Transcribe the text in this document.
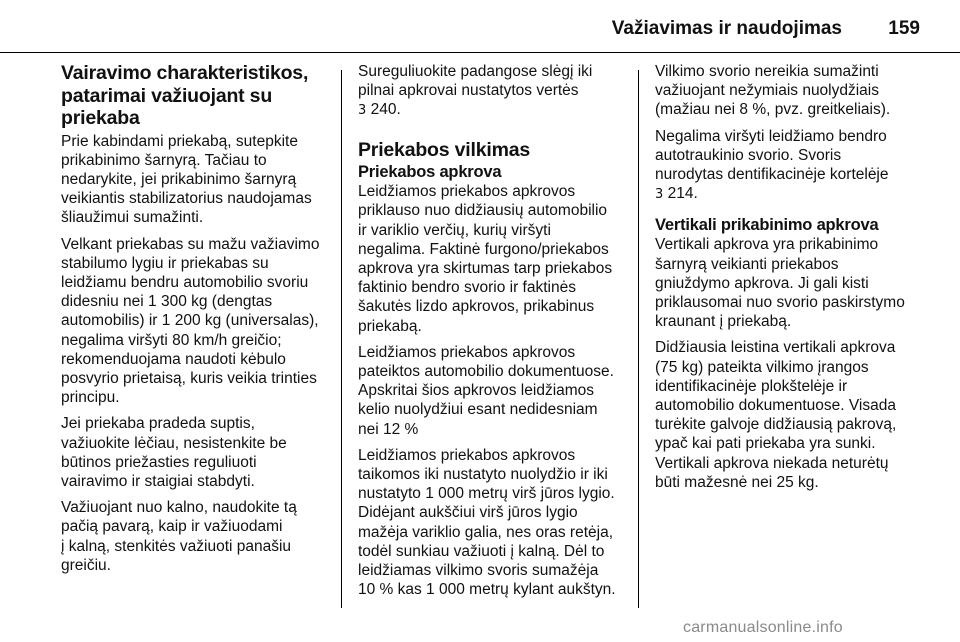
Važiavimas ir naudojimas 159
Vairavimo charakteristikos,
patarimai važiuojant su
priekaba

Prie kabindami priekabą, sutepkite
prikabinimo šarnyrą. Tačiau to
nedarykite, jei prikabinimo šarnyrą
veikiantis stabilizatorius naudojamas
šliaužimui sumažinti.

Velkant priekabas su mažu važiavimo
stabilumo lygiu ir priekabas su
leidžiamu bendru automobilio svoriu
didesniu nei 1 300 kg (dengtas
automobilis) ir 1 200 kg (universalas),
negalima viršyti 80 km/h greičio;
rekomenduojama naudoti kėbulo
posvyrio prietaisą, kuris veikia trinties
principu.

Jei priekaba pradeda suptis,
važiuokite lėčiau, nesistenkite be
būtinos priežasties reguliuoti
vairavimo ir staigiai stabdyti.

Važiuojant nuo kalno, naudokite tą
pačią pavarą, kaip ir važiuodami
į kalną, stenkitės važiuoti panašiu
greičiu.

Sureguliuokite padangose slėgį iki
pilnai apkrovai nustatytos vertės
3 240.

Priekabos vilkimas
Priekabos apkrova

Leidžiamos priekabos apkrovos
priklauso nuo didžiausių automobilio
ir variklio verčių, kurių viršyti
negalima. Faktinė furgono/priekabos
apkrova yra skirtumas tarp priekabos
faktinio bendro svorio ir faktinės
šakutės lizdo apkrovos, prikabinus
priekabą.

Leidžiamos priekabos apkrovos
pateiktos automobilio dokumentuose.
Apskritai šios apkrovos leidžiamos
kelio nuolydžiui esant nedidesniam
nei 12 %

Leidžiamos priekabos apkrovos
taikomos iki nustatyto nuolydžio ir iki
nustatyto 1 000 metrų virš jūros lygio.
Didėjant aukščiui virš jūros lygio
mažėja variklio galia, nes oras retėja,
todėl sunkiau važiuoti į kalną. Dėl to
leidžiamas vilkimo svoris sumažėja
10 % kas 1 000 metrų kylant aukštyn.

Vilkimo svorio nereikia sumažinti
važiuojant nežymiais nuolydžiais
(mažiau nei 8 %, pvz. greitkeliais).

Negalima viršyti leidžiamo bendro
autotraukinio svorio. Svoris
nurodytas dentifikacinėje kortelėje
3 214.

Vertikali prikabinimo apkrova

Vertikali apkrova yra prikabinimo
šarnyrą veikianti priekabos
gniuždymo apkrova. Ji gali kisti
priklausomai nuo svorio paskirstymo
kraunant į priekabą.

Didžiausia leistina vertikali apkrova
(75 kg) pateikta vilkimo įrangos
identifikacinėje plokštelėje ir
automobilio dokumentuose. Visada
turėkite galvoje didžiausią pakrovą,
ypač kai pati priekaba yra sunki.
Vertikali apkrova niekada neturėtų
būti mažesnė nei 25 kg.

carmanualsonline.info
